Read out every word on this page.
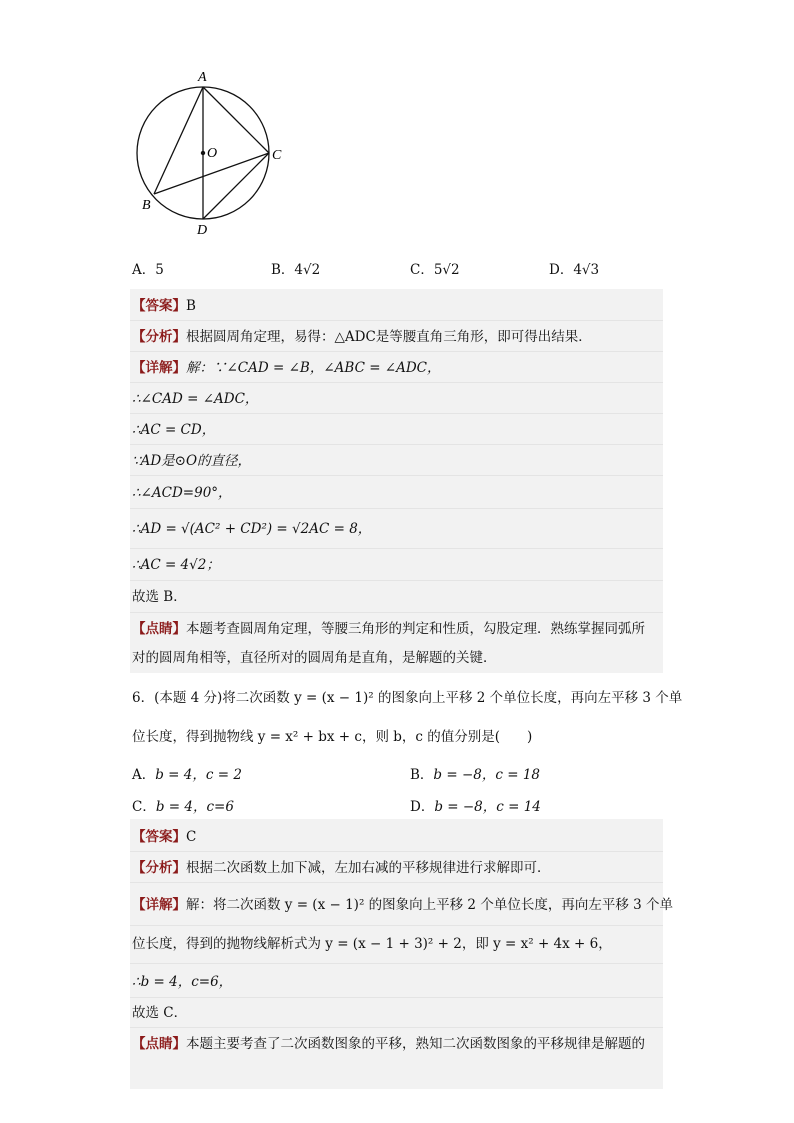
A
O	C
B
D
A．5	B．4√2	C．5√2	D．4√3
【答案】B
【分析】根据圆周角定理，易得：△ADC是等腰直角三角形，即可得出结果．
【详解】解：∵∠CAD = ∠B，∠ABC = ∠ADC，
∴∠CAD = ∠ADC，
∴AC = CD，
∵AD是⊙O的直径，
∴∠ACD=90°，
∴AD = √(AC² + CD²) = √2AC = 8，
∴AC = 4√2；
故选 B．
【点睛】本题考查圆周角定理，等腰三角形的判定和性质，勾股定理．熟练掌握同弧所
对的圆周角相等，直径所对的圆周角是直角，是解题的关键．
6．(本题 4 分)将二次函数 y = (x − 1)² 的图象向上平移 2 个单位长度，再向左平移 3 个单
位长度，得到抛物线 y = x² + bx + c，则 b，c 的值分别是(　　)
A．b = 4，c = 2	B．b = −8，c = 18
C．b = 4，c=6	D．b = −8，c = 14
【答案】C
【分析】根据二次函数上加下减，左加右减的平移规律进行求解即可．
【详解】解：将二次函数 y = (x − 1)² 的图象向上平移 2 个单位长度，再向左平移 3 个单
位长度，得到的抛物线解析式为 y = (x − 1 + 3)² + 2，即 y = x² + 4x + 6，
∴b = 4，c=6，
故选 C．
【点睛】本题主要考查了二次函数图象的平移，熟知二次函数图象的平移规律是解题的
